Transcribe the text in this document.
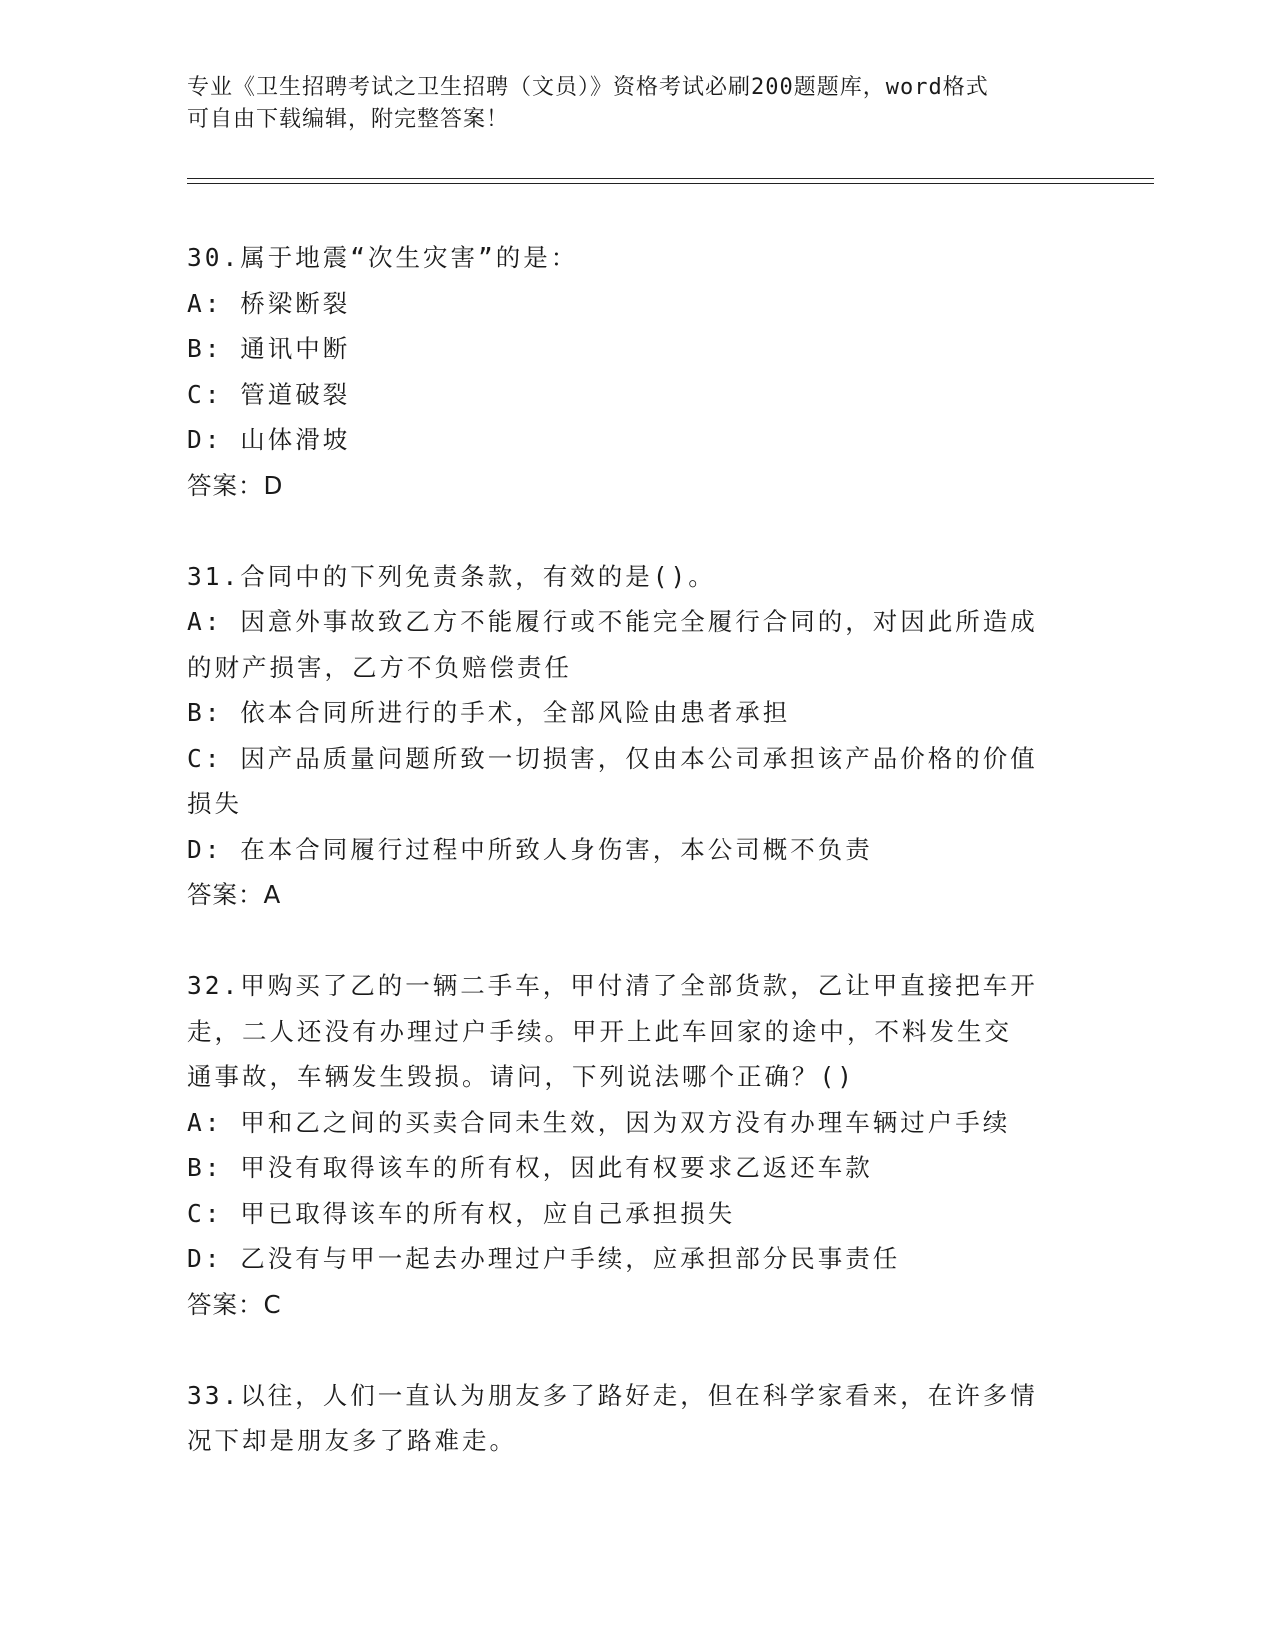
专业《卫生招聘考试之卫生招聘（文员）》资格考试必刷200题题库，word格式

可自由下载编辑，附完整答案！

30.属于地震“次生灾害”的是：

A: 桥梁断裂

B: 通讯中断

C: 管道破裂

D: 山体滑坡

答案：D

31.合同中的下列免责条款，有效的是()。

A: 因意外事故致乙方不能履行或不能完全履行合同的，对因此所造成

的财产损害，乙方不负赔偿责任

B: 依本合同所进行的手术，全部风险由患者承担

C: 因产品质量问题所致一切损害，仅由本公司承担该产品价格的价值

损失

D: 在本合同履行过程中所致人身伤害，本公司概不负责

答案：A

32.甲购买了乙的一辆二手车，甲付清了全部货款，乙让甲直接把车开

走，二人还没有办理过户手续。甲开上此车回家的途中，不料发生交

通事故，车辆发生毁损。请问，下列说法哪个正确？()

A: 甲和乙之间的买卖合同未生效，因为双方没有办理车辆过户手续

B: 甲没有取得该车的所有权，因此有权要求乙返还车款

C: 甲已取得该车的所有权，应自己承担损失

D: 乙没有与甲一起去办理过户手续，应承担部分民事责任

答案：C

33.以往，人们一直认为朋友多了路好走，但在科学家看来，在许多情

况下却是朋友多了路难走。
